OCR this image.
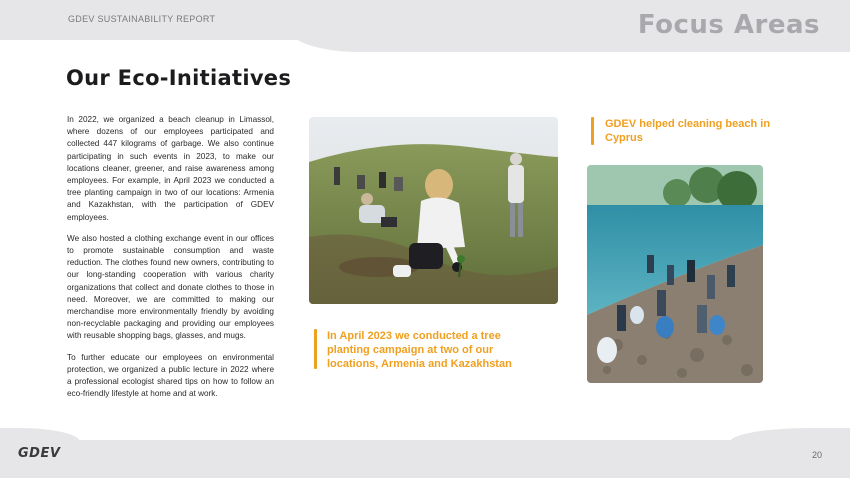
GDEV SUSTAINABILITY REPORT	Focus Areas
Our Eco-Initiatives

In 2022, we organized a beach cleanup in Limassol, where dozens of our employees participated and collected 447 kilograms of garbage. We also continue participating in such events in 2023, to make our locations cleaner, greener, and raise awareness among employees. For example, in April 2023 we conducted a tree planting campaign in two of our locations: Armenia and Kazakhstan, with the participation of GDEV employees.

We also hosted a clothing exchange event in our offices to promote sustainable consumption and waste reduction. The clothes found new owners, contributing to our long-standing cooperation with various charity organizations that collect and donate clothes to those in need. Moreover, we are committed to making our merchandise more environmentally friendly by avoiding non-recyclable packaging and providing our employees with reusable shopping bags, glasses, and mugs.

To further educate our employees on environmental protection, we organized a public lecture in 2022 where a professional ecologist shared tips on how to follow an eco-friendly lifestyle at home and at work.

In April 2023 we conducted a tree planting campaign at two of our locations, Armenia and Kazakhstan
GDEV helped cleaning beach in Cyprus
GDEV	20
